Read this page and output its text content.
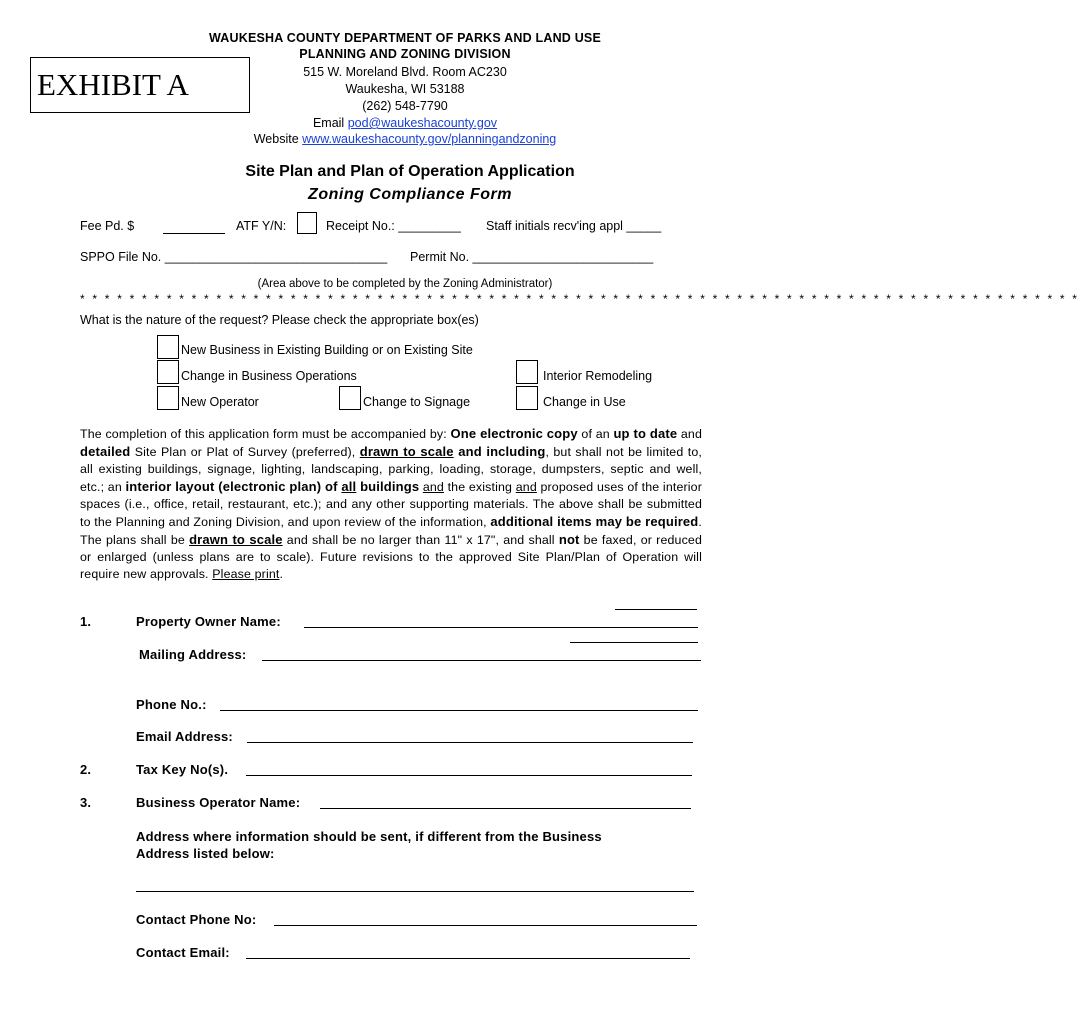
WAUKESHA COUNTY DEPARTMENT OF PARKS AND LAND USE
PLANNING AND ZONING DIVISION
515 W. Moreland Blvd. Room AC230
Waukesha, WI 53188
(262) 548-7790
Email pod@waukeshacounty.gov
Website www.waukeshacounty.gov/planningandzoning
EXHIBIT A
Site Plan and Plan of Operation Application
Zoning Compliance Form
Fee Pd. $	ATF Y/N:	Receipt No.: _________ Staff initials recv'ing appl _____
SPPO File No. ________________________________ Permit No. __________________________
(Area above to be completed by the Zoning Administrator)
* * * * * * * * * * * * * * * * * * * * * * * * * * * * * * * * * * * * * * * * * * * * * * * * * * * * * * * * * * * * * * * * * * * * * * * * * * * * * * * * *
What is the nature of the request? Please check the appropriate box(es)
New Business in Existing Building or on Existing Site
Change in Business Operations	Interior Remodeling
New Operator	Change to Signage	Change in Use
The completion of this application form must be accompanied by: One electronic copy of an up to date and detailed Site Plan or Plat of Survey (preferred), drawn to scale and including, but shall not be limited to, all existing buildings, signage, lighting, landscaping, parking, loading, storage, dumpsters, septic and well, etc.; an interior layout (electronic plan) of all buildings and the existing and proposed uses of the interior spaces (i.e., office, retail, restaurant, etc.); and any other supporting materials. The above shall be submitted to the Planning and Zoning Division, and upon review of the information, additional items may be required. The plans shall be drawn to scale and shall be no larger than 11" x 17", and shall not be faxed, or reduced or enlarged (unless plans are to scale). Future revisions to the approved Site Plan/Plan of Operation will require new approvals. Please print.
1.	Property Owner Name:
Mailing Address:
Phone No.:
Email Address:
2.	Tax Key No(s).
3.	Business Operator Name:
Address where information should be sent, if different from the Business Address listed below:
Contact Phone No:
Contact Email:
